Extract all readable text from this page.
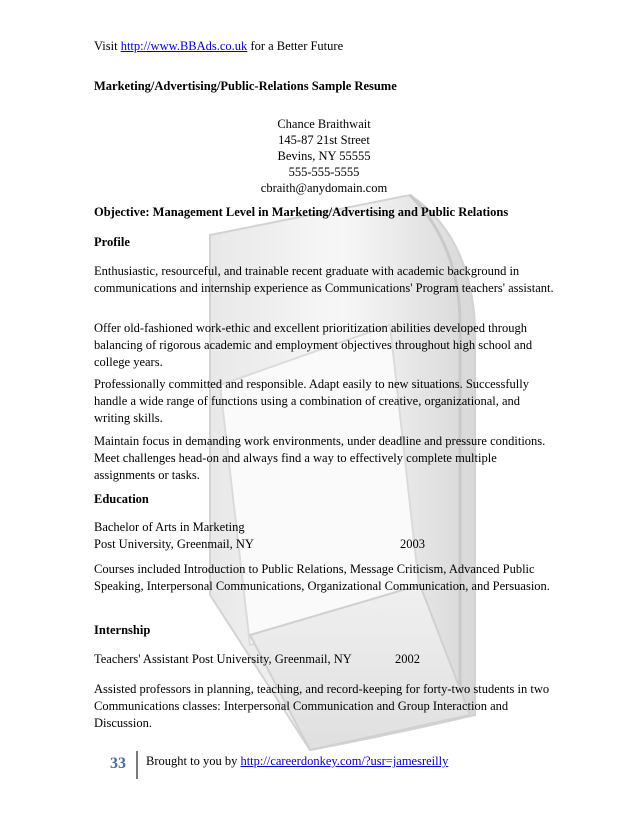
Visit http://www.BBAds.co.uk for a Better Future

Marketing/Advertising/Public-Relations Sample Resume

Chance Braithwait
145-87 21st Street
Bevins, NY 55555
555-555-5555
cbraith@anydomain.com

Objective: Management Level in Marketing/Advertising and Public Relations

Profile

Enthusiastic, resourceful, and trainable recent graduate with academic background in communications and internship experience as Communications' Program teachers' assistant.

Offer old-fashioned work-ethic and excellent prioritization abilities developed through balancing of rigorous academic and employment objectives throughout high school and college years.

Professionally committed and responsible. Adapt easily to new situations. Successfully handle a wide range of functions using a combination of creative, organizational, and writing skills.

Maintain focus in demanding work environments, under deadline and pressure conditions. Meet challenges head-on and always find a way to effectively complete multiple assignments or tasks.

Education

Bachelor of Arts in Marketing
Post University, Greenmail, NY	2003

Courses included Introduction to Public Relations, Message Criticism, Advanced Public Speaking, Interpersonal Communications, Organizational Communication, and Persuasion.

Internship

Teachers' Assistant Post University, Greenmail, NY	2002

Assisted professors in planning, teaching, and record-keeping for forty-two students in two Communications classes: Interpersonal Communication and Group Interaction and Discussion.

33 Brought to you by http://careerdonkey.com/?usr=jamesreilly
